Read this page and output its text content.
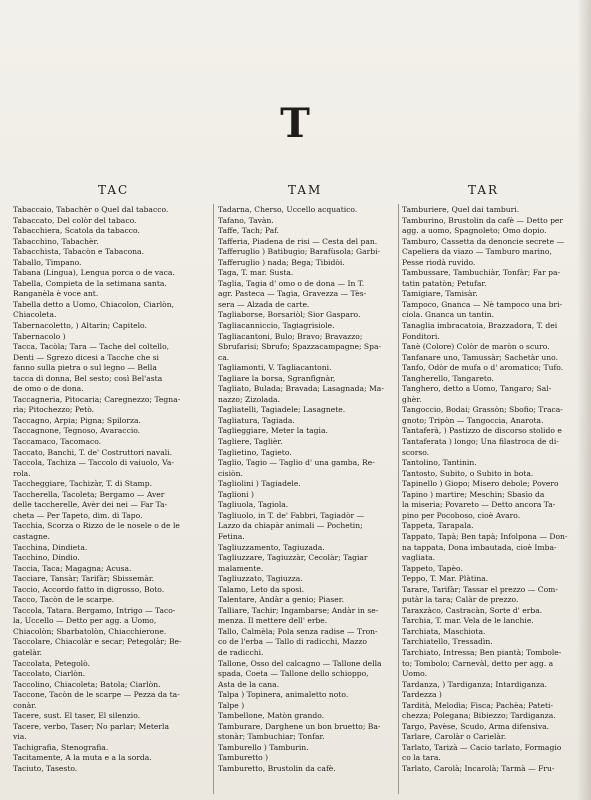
T
TAC	TAM	TAR

Tabaccaio, Tabachèr o Quel dal tabacco.

Tabaccato, Del colòr del tabaco.

Tabacchiera, Scatola da tabacco.

Tabacchino, Tabachèr.

Tabacchista, Tabacòn e Tabacona.

Taballo, Timpano.

Tabana (Lingua), Lengua porca o de vaca.

Tabella, Compieta de la setimana santa.

Ranganèla è voce ant.

Tabella detto a Uomo, Chiacolon, Ciarlòn,

Chiacoleta.

Tabernacoletto, ) Altarin; Capitelo.

Tabernacolo )

Tacca, Tacòla; Tara — Tache del coltello,

Denti — Sgrezo dicesi a Tacche che si

fanno sulla pietra o sul legno — Bella

tacca di donna, Bel sesto; così Bel'asta

de omo o de dona.

Taccagneria, Pitocaria; Caregnezzo; Tegna-

rìa; Pitochezzo; Petò.

Taccagno, Arpia; Pigna; Spilorza.

Taccagnone, Tegnoso, Avaraccio.

Taccamaco, Tacomaco.

Taccato, Banchi, T. de' Costruttori navali.

Taccola, Tachiza — Taccolo di vaiuolo, Va-

rola.

Taccheggiare, Tachizàr, T. di Stamp.

Taccherella, Tacoleta; Bergamo — Aver

delle taccherelle, Avèr dei nei — Far Ta-

cheta — Per Tapeto, dim. di Tapo.

Tacchia, Scorza o Rizzo de le nosele o de le

castagne.

Tacchina, Dindieta.

Tacchino, Dindio.

Taccia, Taca; Magagna; Acusa.

Tacciare, Tansàr; Tarifàr; Sbissemàr.

Taccio, Accordo fatto in digrosso, Boto.

Tacco, Tacòn de le scarpe.

Taccola, Tatara. Bergamo, Intrigo — Taco-

la, Uccello — Detto per agg. a Uomo,

Chiacolòn; Sbarbatolòn, Chiacchierone.

Taccolare, Chiacolàr e secar; Petegolàr; Be-

gatelàr.

Taccolata, Petegolò.

Taccolato, Ciarlòn.

Taccolino, Chiacoleta; Batola; Ciarlòn.

Taccone, Tacòn de le scarpe — Pezza da ta-

conàr.

Tacere, sust. El taser, El silenzio.

Tacere, verbo, Taser; No parlar; Meterla

via.

Tachigrafia, Stenografia.

Tacitamente, A la muta e a la sorda.

Taciuto, Tasesto.

Tadarna, Cherso, Uccello acquatico.

Tafano, Tavàn.

Taffe, Tach; Paf.

Tafferia, Piadena de risi — Cesta del pan.

Tafferuglio ) Batibugio; Barafùsola; Garbi-

Tafferuglio ) nada; Bega; Tibidòi.

Taga, T. mar. Susta.

Taglia, Tagia d' omo o de dona — In T.

agr. Pasteca — Tagia, Gravezza — Tès-

sera — Alzada de carte.

Tagliaborse, Borsariòl; Sior Gasparo.

Tagliacanniccio, Tagiagrisiole.

Tagliacantoni, Bulo; Bravo; Bravazzo;

Sbrufarisi; Sbrufo; Spazzacampagne; Spa-

ca.

Tagliamonti, V. Tagliacantoni.

Tagliare la borsa, Sgranfìgnàr,

Tagliato, Bulada; Bravada; Lasagnada; Ma-

nazzo; Zizolada.

Tagliatelli, Tagiadele; Lasagnete.

Tagliatura, Tagiada.

Taglieggiare, Meter la tagia.

Tagliere, Taglièr.

Taglietino, Tagieto.

Taglio, Tagio — Taglio d' una gamba, Re-

cisiòn.

Tagliolini ) Tagiadele.

Taglioni )

Tagliuola, Tagiola.

Tagliuolo, in T. de' Fabbri, Tagiadòr —

Lazzo da chiapàr animali — Pochetin;

Fetina.

Tagliuzzamento, Tagiuzada.

Tagliuzzare, Tagiuzzàr, Cecolàr; Tagiar

malamente.

Tagliuzzato, Tagiuzza.

Talamo, Leto da sposi.

Talentare, Andàr a genio; Piaser.

Talliare, Tachir; Ingambarse; Andàr in se-

menza. Il mettere dell' erbe.

Tallo, Calmèla; Pola senza radise — Tron-

co de l'erba — Tallo di radicchi, Mazzo

de radicchi.

Tallone, Osso del calcagno — Tallone della

spada, Coeta — Tallone dello schioppo,

Asta de la cana.

Talpa ) Topinera, animaletto noto.

Talpe )

Tambellone, Matòn grando.

Tamburare, Darghene un bon bruetto; Ba-

stonàr; Tambuchiar; Tonfar.

Tamburello ) Tamburin.

Tamburetto )

Tamburetto, Brustolin da cafè.

Tamburiere, Quel dai tamburi.

Tamburino, Brustolin da cafè — Detto per

agg. a uomo, Spagnoleto; Omo dopio.

Tamburo, Cassetta da denoncie secrete —

Capeliera da viazo — Tamburo marino,

Pesse riodà ruvido.

Tambussare, Tambuchiàr, Tonfàr; Far pa-

tatin patatòn; Petufar.

Tamigiare, Tamisàr.

Tampoco, Gnanca — Nè tampoco una bri-

ciola. Gnanca un tantin.

Tanaglia imbracatoia, Brazzadora, T. dei

Fonditori.

Tanè (Colore) Colòr de maròn o scuro.

Tanfanare uno, Tamussàr; Sachetàr uno.

Tanfo, Odòr de mufa o d' aromatico; Tufo.

Tangherello, Tangareto.

Tanghero, detto a Uomo, Tangaro; Sal-

ghèr.

Tangoccio, Bodai; Grassòn; Sbofio; Traca-

gnoto; Tripòn — Tangoccia, Anarota.

Tantaferà, ) Pastizzo de discorso stolido e

Tantaferata ) longo; Una filastroca de di-

scorso.

Tantolino, Tantinin.

Tantosto, Subito, o Subito in bota.

Tapinello ) Giopo; Misero debole; Povero

Tapino ) martire; Meschin; Sbasìo da

la miseria; Povareto — Detto ancora Ta-

pino per Pocoboso, cioè Avaro.

Tappeta, Tarapala.

Tappato, Tapà; Ben tapà; Infolpona — Don-

na tappata, Dona imbautada, cioè Imba-

vagliata.

Tappeto, Tapèo.

Teppo, T. Mar. Plàtina.

Tarare, Tarifàr; Tassar el prezzo — Com-

putàr la tara; Calàr de prezzo.

Taraxzàco, Castracàn, Sorte d' erba.

Tarchia, T. mar. Vela de le lanchie.

Tarchiata, Maschiota.

Tarchiatello, Tressadìn.

Tarchiato, Intressa; Ben piantà; Tombole-

to; Tombolo; Carnevàl, detto per agg. a

Uomo.

Tardanza, ) Tardiganza; Intardiganza.

Tardezza )

Tardità, Melodìa; Fisca; Pachèa; Pateti-

chezza; Polegana; Bibiezzo; Tardiganza.

Targo, Pavèse, Scudo, Arma difensiva.

Tarlare, Carolàr o Carielàr.

Tarlato, Tarizà — Cacio tarlato, Formagio

co la tara.

Tarlato, Carolà; Incarolà; Tarmà — Fru-
